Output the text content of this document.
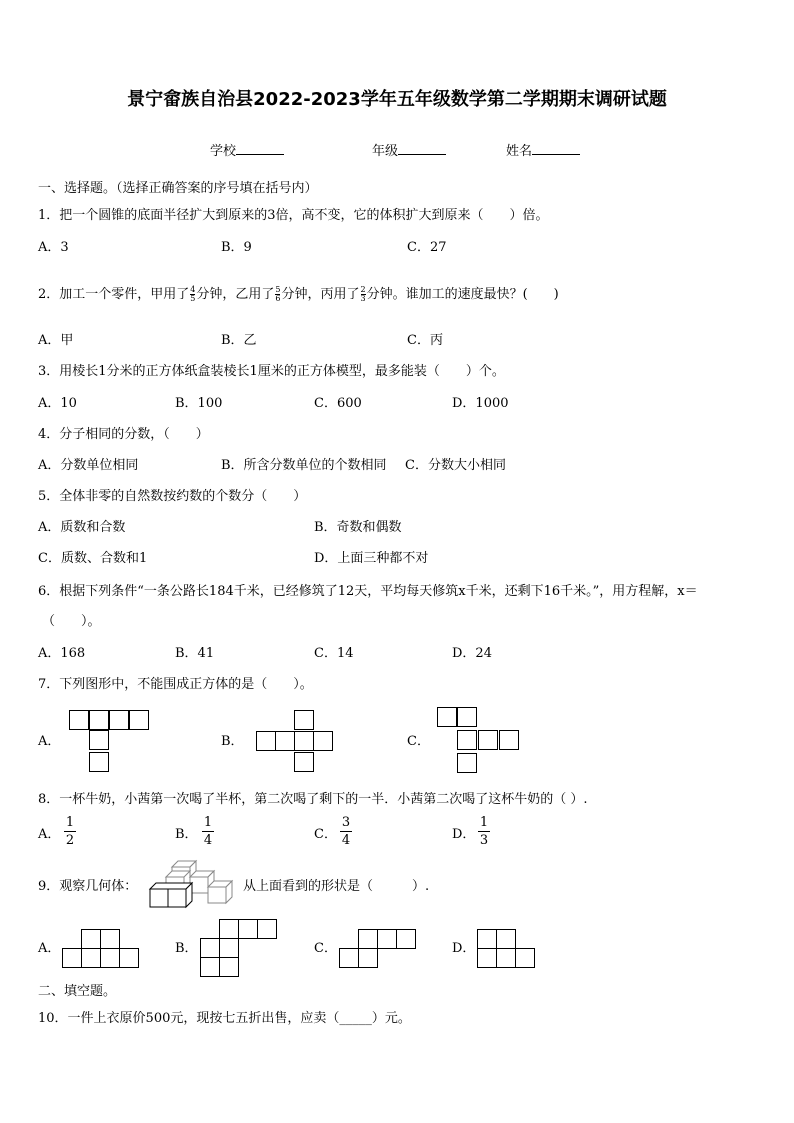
景宁畲族自治县2022-2023学年五年级数学第二学期期末调研试题
学校	年级	姓名
一、选择题。（选择正确答案的序号填在括号内）
1．把一个圆锥的底面半径扩大到原来的3倍，高不变，它的体积扩大到原来（　　）倍。
A．3	B．9	C．27
2．加工一个零件，甲用了 $\frac{4}{5}$ 分钟，乙用了 $\frac{5}{6}$ 分钟，丙用了 $\frac{2}{3}$ 分钟。谁加工的速度最快？(　　)
A．甲	B．乙	C．丙
3．用棱长1分米的正方体纸盒装棱长1厘米的正方体模型，最多能装（　　）个。
A．10	B．100	C．600	D．1000
4．分子相同的分数，（　　）
A．分数单位相同	B．所含分数单位的个数相同 C．分数大小相同
5．全体非零的自然数按约数的个数分（　　）
A．质数和合数	B．奇数和偶数
C．质数、合数和1	D．上面三种都不对
6．根据下列条件“一条公路长184千米，已经修筑了12天，平均每天修筑x千米，还剩下16千米。”，用方程解，x＝
（　　）。
A．168	B．41	C．14	D．24
7．下列图形中，不能围成正方体的是（　　）。
A．	B．	C．
8．一杯牛奶，小茜第一次喝了半杯，第二次喝了剩下的一半．小茜第二次喝了这杯牛奶的（ ）.
A．
1
2	B．
1
4	C．
3
4	D．
1
3
9．观察几何体：	从上面看到的形状是（　　　）.
A．	B．	C．	D．
二、填空题。
10．一件上衣原价500元，现按七五折出售，应卖（_____）元。
